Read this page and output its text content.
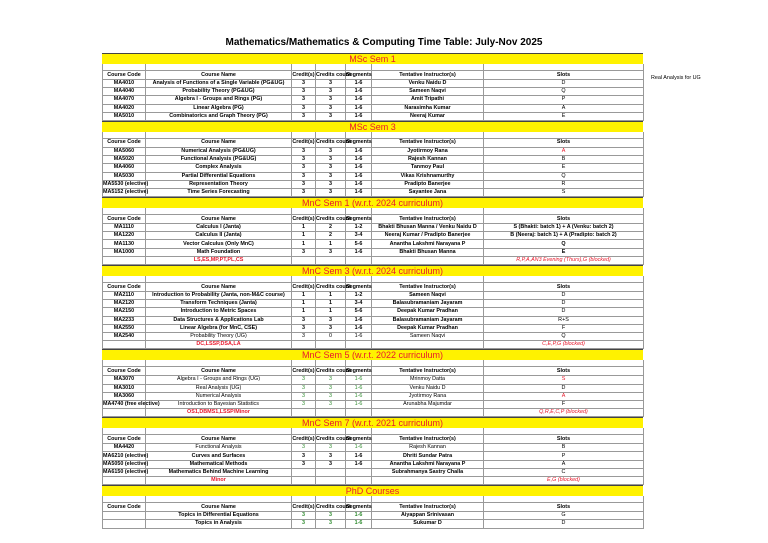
Mathematics/Mathematics & Computing Time Table: July-Nov 2025
Real Analysis for UG
MSc Sem 1

Course Code	Course Name	Credit(s)	Credits count	Segments	Tentative Instructor(s)	Slots
MA4010	Analysis of Functions of a Single Variable (PG&UG)	3	3	1-6	Venku Naidu D	D
MA4040	Probability Theory (PG&UG)	3	3	1-6	Sameen Naqvi	Q
MA4070	Algebra I - Groups and Rings (PG)	3	3	1-6	Amit Tripathi	P
MA4020	Linear Algebra (PG)	3	3	1-6	Narasimha Kumar	A
MA5010	Combinatorics and Graph Theory (PG)	3	3	1-6	Neeraj Kumar	E
MSc Sem 3

Course Code	Course Name	Credit(s)	Credits count	Segments	Tentative Instructor(s)	Slots
MA5060	Numerical Analysis (PG&UG)	3	3	1-6	Jyotirmoy Rana	A
MA5020	Functional Analysis (PG&UG)	3	3	1-6	Rajesh Kannan	B
MA4060	Complex Analysis	3	3	1-6	Tanmoy Paul	E
MA5030	Partial Differential Equations	3	3	1-6	Vikas Krishnamurthy	Q
MA5530 (elective)	Representation Theory	3	3	1-6	Pradipto Banerjee	R
MA5152 (elective)	Time Series Forecasting	3	3	1-6	Sayantee Jana	S
MnC Sem 1 (w.r.t. 2024 curriculum)

Course Code	Course Name	Credit(s)	Credits count	Segments	Tentative Instructor(s)	Slots
MA1110	Calculus I (Janta)	1	2	1-2	Bhakti Bhusan Manna / Venku Naidu D	S (Bhakti: batch 1) + A (Venku: batch 2)
MA1220	Calculus II (Janta)	1	2	3-4	Neeraj Kumar / Pradipto Banerjee	B (Neeraj: batch 1) + A (Pradipto: batch 2)
MA1130	Vector Calculus (Only MnC)	1	1	5-6	Anantha Lakshmi Narayana P	Q
MA1000	Math Foundation	3	3	1-6	Bhakti Bhusan Manna	E
	LS,ES,MP,PT,PL,CS					R,P,A,AN3 Evening (Thurs),G (blocked)
MnC Sem 3 (w.r.t. 2024 curriculum)

Course Code	Course Name	Credit(s)	Credits count	Segments	Tentative Instructor(s)	Slots
MA2110	Introduction to Probability (Janta, non-M&C course)	1	1	1-2	Sameen Naqvi	D
MA2120	Transform Techniques (Janta)	1	1	3-4	Balasubramaniam Jayaram	D
MA2150	Introduction to Metric Spaces	1	1	5-6	Deepak Kumar Pradhan	D
MA2233	Data Structures & Applications Lab	3	3	1-6	Balasubramaniam Jayaram	R+S
MA2550	Linear Algebra (for MnC, CSE)	3	3	1-6	Deepak Kumar Pradhan	F
MA2540	Probability Theory (UG)	3	0	1-6	Sameen Naqvi	Q
	DC,LSSP,DSA,LA					C,E,P,G (blocked)
MnC Sem 5 (w.r.t. 2022 curriculum)

Course Code	Course Name	Credit(s)	Credits count	Segments	Tentative Instructor(s)	Slots
MA3070	Algebra I - Groups and Rings (UG)	3	3	1-6	Mrinmoy Datta	S
MA3010	Real Analysis (UG)	3	3	1-6	Venku Naidu D	D
MA3060	Numerical Analysis	3	3	1-6	Jyotirmoy Rana	A
MA4740 (free elective)	Introduction to Bayesian Statistics	3	3	1-6	Arunabha Majumdar	F
	OS1,DBMS1,LSSP/Minor					Q,R,E,C,P (blocked)
MnC Sem 7 (w.r.t. 2021 curriculum)

Course Code	Course Name	Credit(s)	Credits count	Segments	Tentative Instructor(s)	Slots
MA4420	Functional Analysis	3	3	1-6	Rajesh Kannan	B
MA6210 (elective)	Curves and Surfaces	3	3	1-6	Dhriti Sundar Patra	P
MA5050 (elective)	Mathematical Methods	3	3	1-6	Anantha Lakshmi Narayana P	A
MA6150 (elective)	Mathematics Behind Machine Learning				Subrahmanya Sastry Challa	C
	Minor					E,G (blocked)
PhD Courses

Course Code	Course Name	Credit(s)	Credits count	Segments	Tentative Instructor(s)	Slots
	Topics in Differential Equations	3	3	1-6	Aiyappan Srinivasan	G
	Topics in Analysis	3	3	1-6	Sukumar D	D
